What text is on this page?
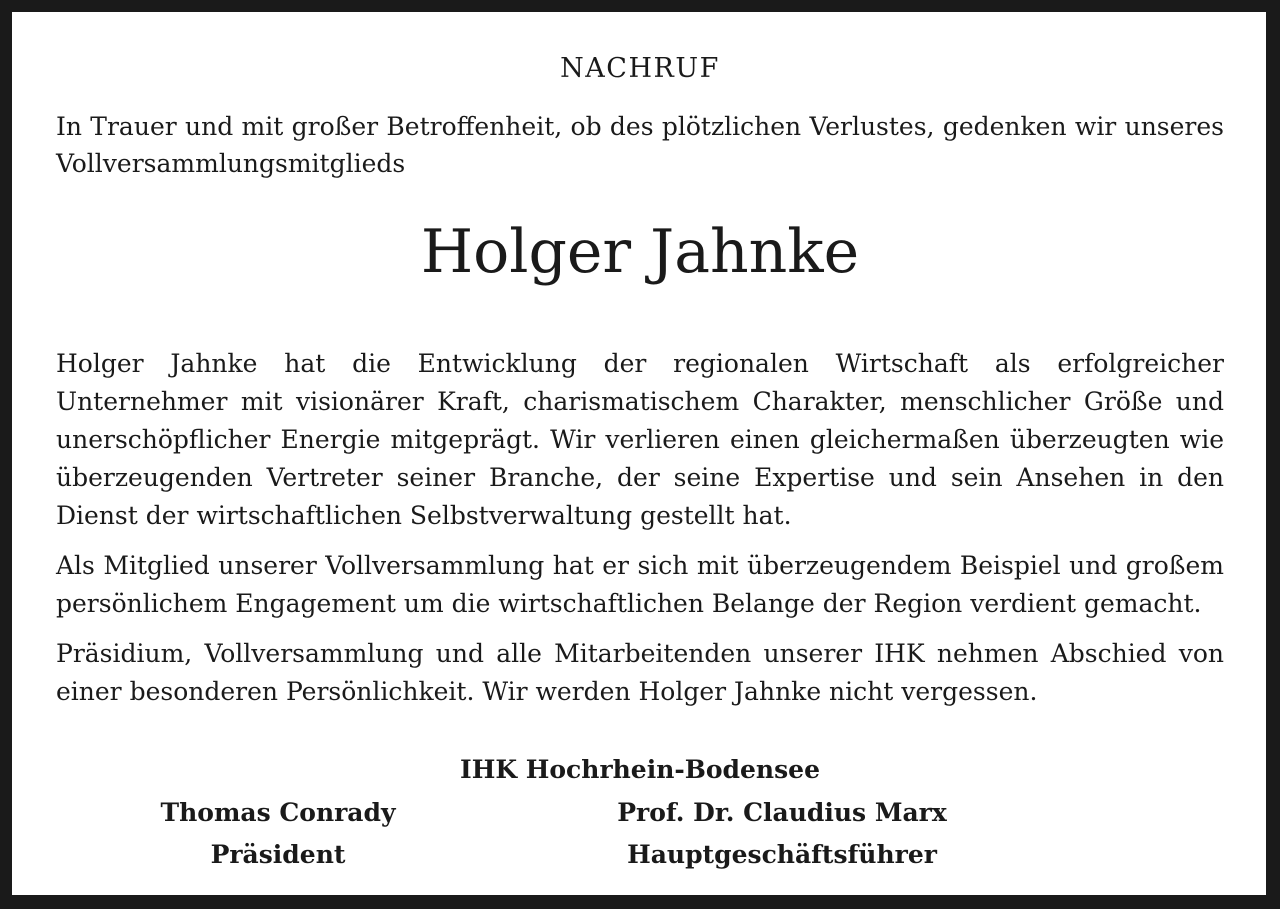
NACHRUF
In Trauer und mit großer Betroffenheit, ob des plötzlichen Verlustes, gedenken wir unseres Vollversammlungsmitglieds
Holger Jahnke

Holger Jahnke hat die Entwicklung der regionalen Wirtschaft als erfolgreicher Unternehmer mit visionärer Kraft, charismatischem Charakter, menschlicher Größe und unerschöpflicher Energie mitgeprägt. Wir verlieren einen gleichermaßen überzeugten wie überzeugenden Vertreter seiner Branche, der seine Expertise und sein Ansehen in den Dienst der wirtschaftlichen Selbstverwaltung gestellt hat.

Als Mitglied unserer Vollversammlung hat er sich mit überzeugendem Beispiel und großem persönlichem Engagement um die wirtschaftlichen Belange der Region verdient gemacht.

Präsidium, Vollversammlung und alle Mitarbeitenden unserer IHK nehmen Abschied von einer besonderen Persönlichkeit. Wir werden Holger Jahnke nicht vergessen.

IHK Hochrhein-Bodensee
Thomas Conrady
Präsident
Prof. Dr. Claudius Marx
Hauptgeschäftsführer
